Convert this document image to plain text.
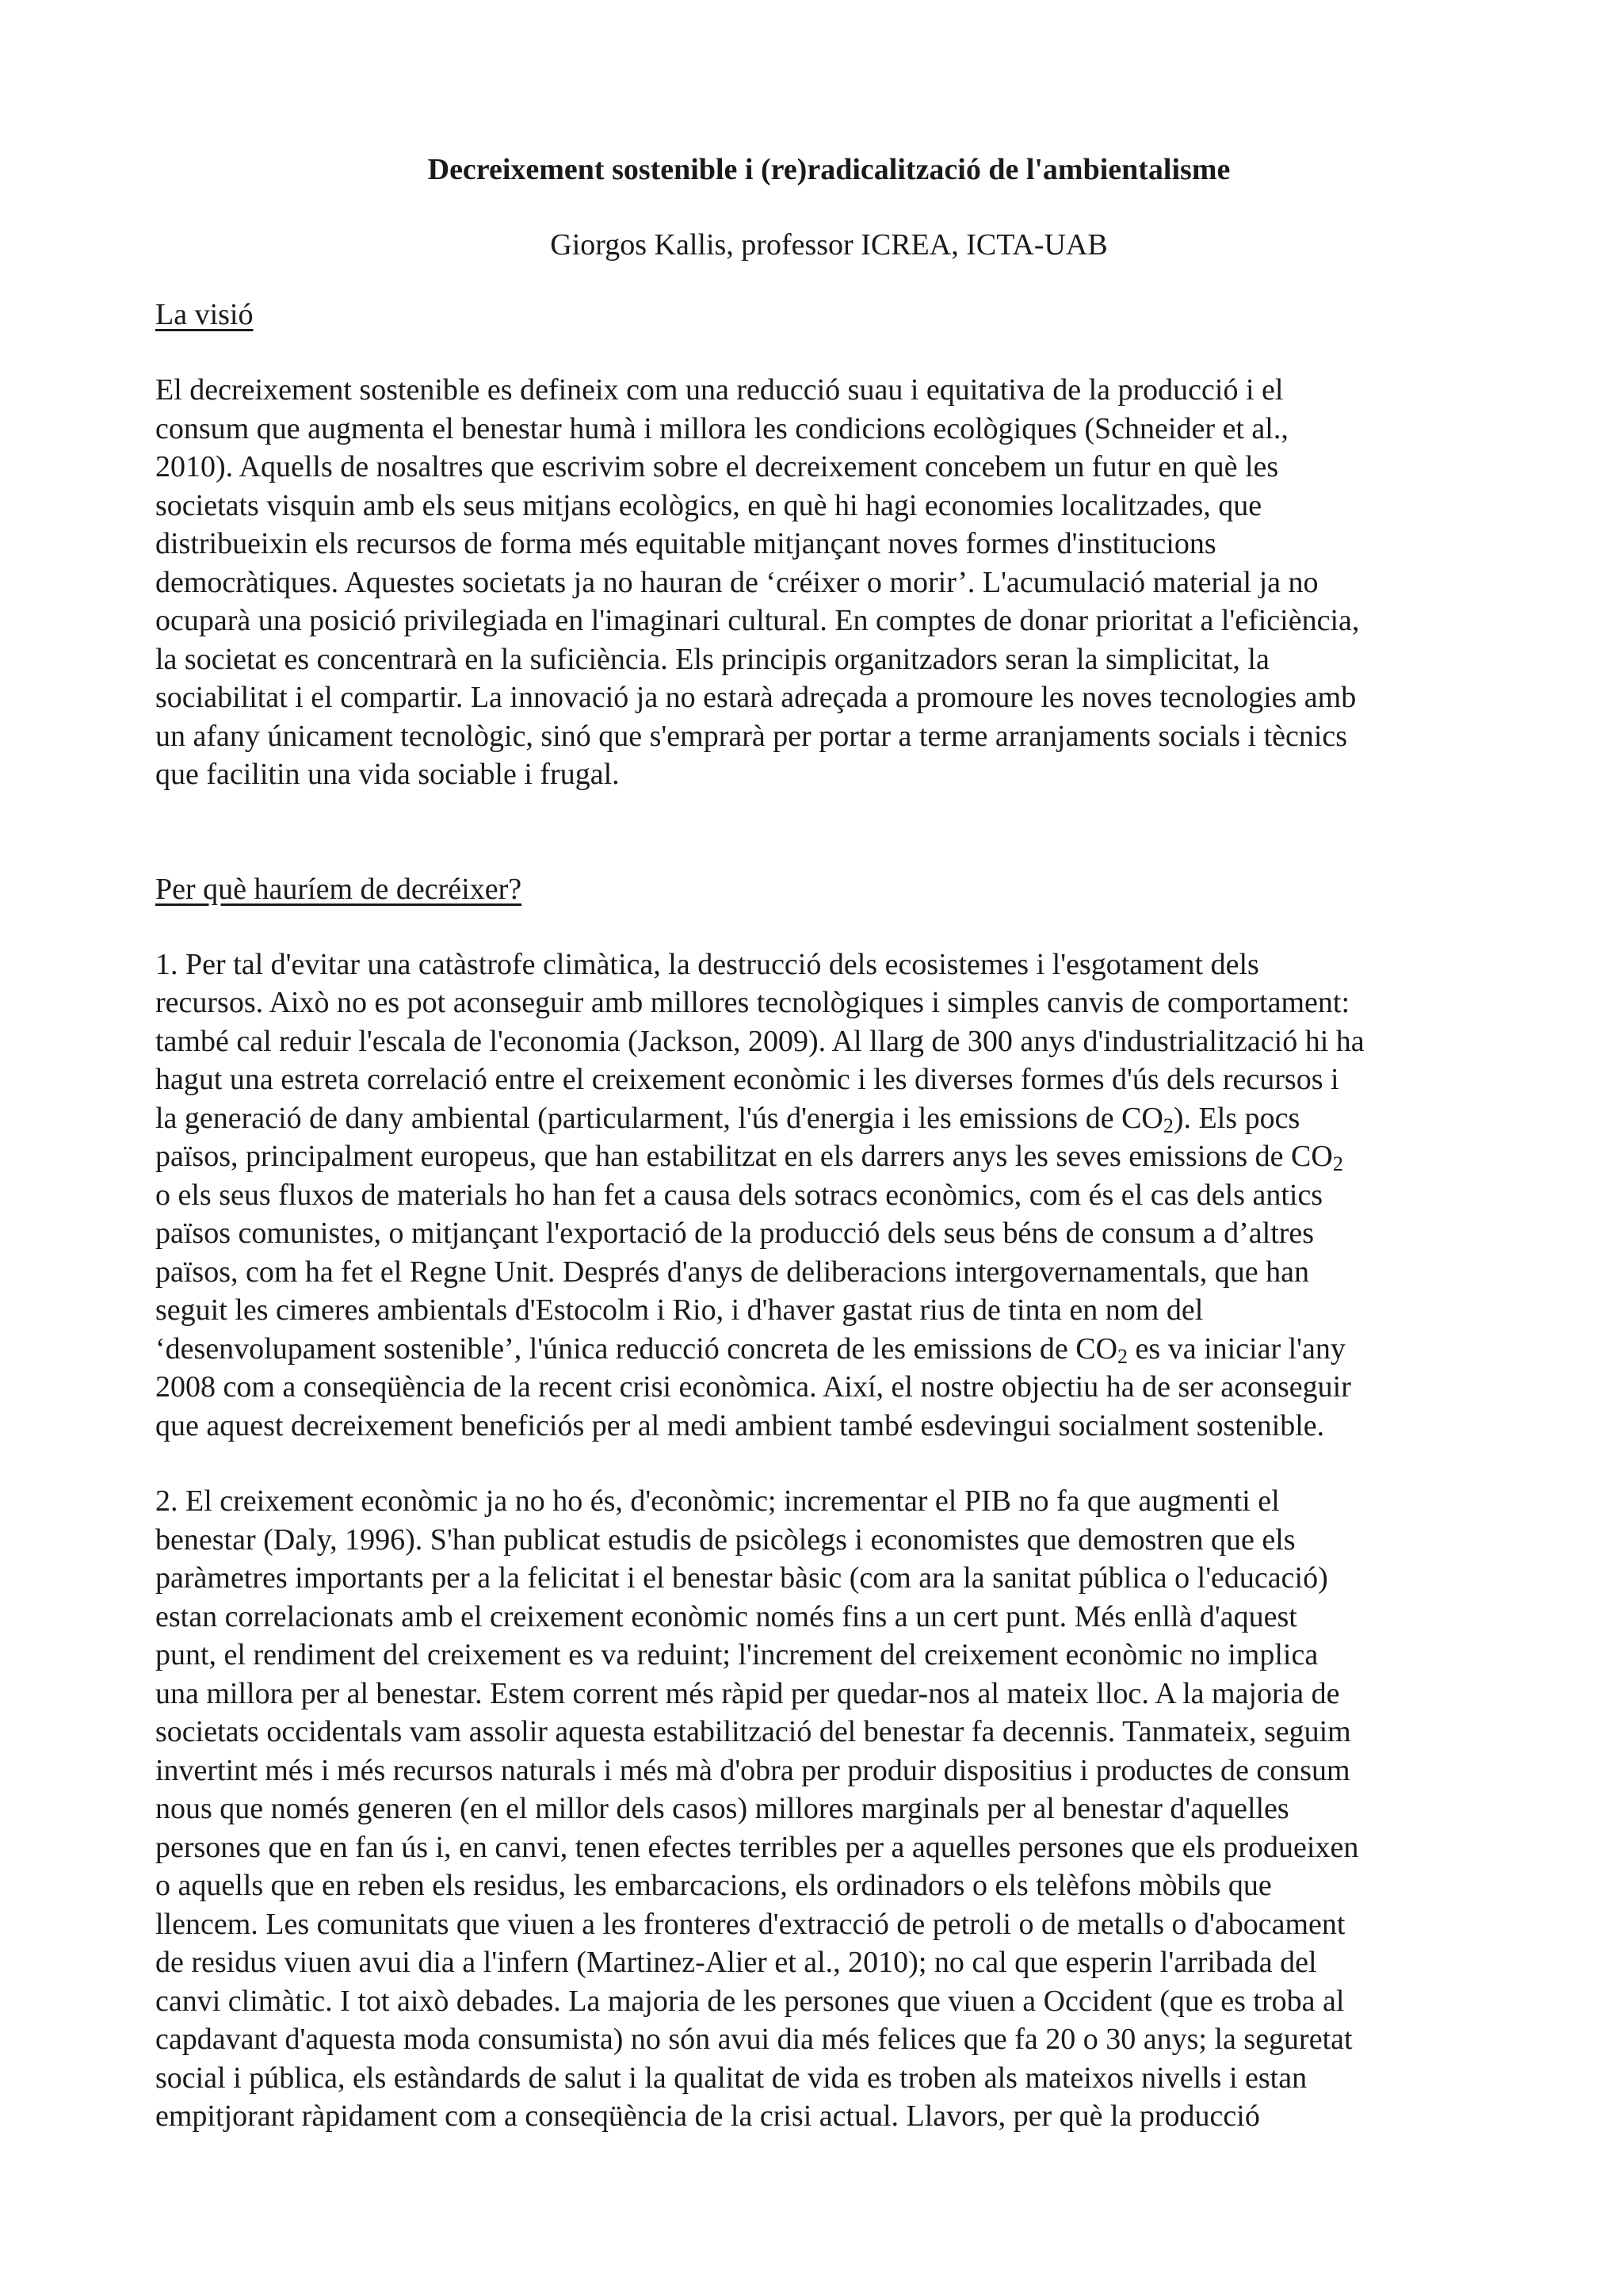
Decreixement sostenible i (re)radicalització de l'ambientalisme
Giorgos Kallis, professor ICREA, ICTA-UAB
La visió

El decreixement sostenible es defineix com una reducció suau i equitativa de la producció i el
consum que augmenta el benestar humà i millora les condicions ecològiques (Schneider et al.,
2010). Aquells de nosaltres que escrivim sobre el decreixement concebem un futur en què les
societats visquin amb els seus mitjans ecològics, en què hi hagi economies localitzades, que
distribueixin els recursos de forma més equitable mitjançant noves formes d'institucions
democràtiques. Aquestes societats ja no hauran de ‘créixer o morir’. L'acumulació material ja no
ocuparà una posició privilegiada en l'imaginari cultural. En comptes de donar prioritat a l'eficiència,
la societat es concentrarà en la suficiència. Els principis organitzadors seran la simplicitat, la
sociabilitat i el compartir. La innovació ja no estarà adreçada a promoure les noves tecnologies amb
un afany únicament tecnològic, sinó que s'emprarà per portar a terme arranjaments socials i tècnics
que facilitin una vida sociable i frugal.

Per què hauríem de decréixer?

1. Per tal d'evitar una catàstrofe climàtica, la destrucció dels ecosistemes i l'esgotament dels
recursos. Això no es pot aconseguir amb millores tecnològiques i simples canvis de comportament:
també cal reduir l'escala de l'economia (Jackson, 2009). Al llarg de 300 anys d'industrialització hi ha
hagut una estreta correlació entre el creixement econòmic i les diverses formes d'ús dels recursos i
la generació de dany ambiental (particularment, l'ús d'energia i les emissions de $CO_2$). Els pocs
països, principalment europeus, que han estabilitzat en els darrers anys les seves emissions de $CO_2$
o els seus fluxos de materials ho han fet a causa dels sotracs econòmics, com és el cas dels antics
països comunistes, o mitjançant l'exportació de la producció dels seus béns de consum a d’altres
països, com ha fet el Regne Unit. Després d'anys de deliberacions intergovernamentals, que han
seguit les cimeres ambientals d'Estocolm i Rio, i d'haver gastat rius de tinta en nom del
‘desenvolupament sostenible’, l'única reducció concreta de les emissions de $CO_2$ es va iniciar l'any
2008 com a conseqüència de la recent crisi econòmica. Així, el nostre objectiu ha de ser aconseguir
que aquest decreixement beneficiós per al medi ambient també esdevingui socialment sostenible.

2. El creixement econòmic ja no ho és, d'econòmic; incrementar el PIB no fa que augmenti el
benestar (Daly, 1996). S'han publicat estudis de psicòlegs i economistes que demostren que els
paràmetres importants per a la felicitat i el benestar bàsic (com ara la sanitat pública o l'educació)
estan correlacionats amb el creixement econòmic només fins a un cert punt. Més enllà d'aquest
punt, el rendiment del creixement es va reduint; l'increment del creixement econòmic no implica
una millora per al benestar. Estem corrent més ràpid per quedar-nos al mateix lloc. A la majoria de
societats occidentals vam assolir aquesta estabilització del benestar fa decennis. Tanmateix, seguim
invertint més i més recursos naturals i més mà d'obra per produir dispositius i productes de consum
nous que només generen (en el millor dels casos) millores marginals per al benestar d'aquelles
persones que en fan ús i, en canvi, tenen efectes terribles per a aquelles persones que els produeixen
o aquells que en reben els residus, les embarcacions, els ordinadors o els telèfons mòbils que
llencem. Les comunitats que viuen a les fronteres d'extracció de petroli o de metalls o d'abocament
de residus viuen avui dia a l'infern (Martinez-Alier et al., 2010); no cal que esperin l'arribada del
canvi climàtic. I tot això debades. La majoria de les persones que viuen a Occident (que es troba al
capdavant d'aquesta moda consumista) no són avui dia més felices que fa 20 o 30 anys; la seguretat
social i pública, els estàndards de salut i la qualitat de vida es troben als mateixos nivells i estan
empitjorant ràpidament com a conseqüència de la crisi actual. Llavors, per què la producció
